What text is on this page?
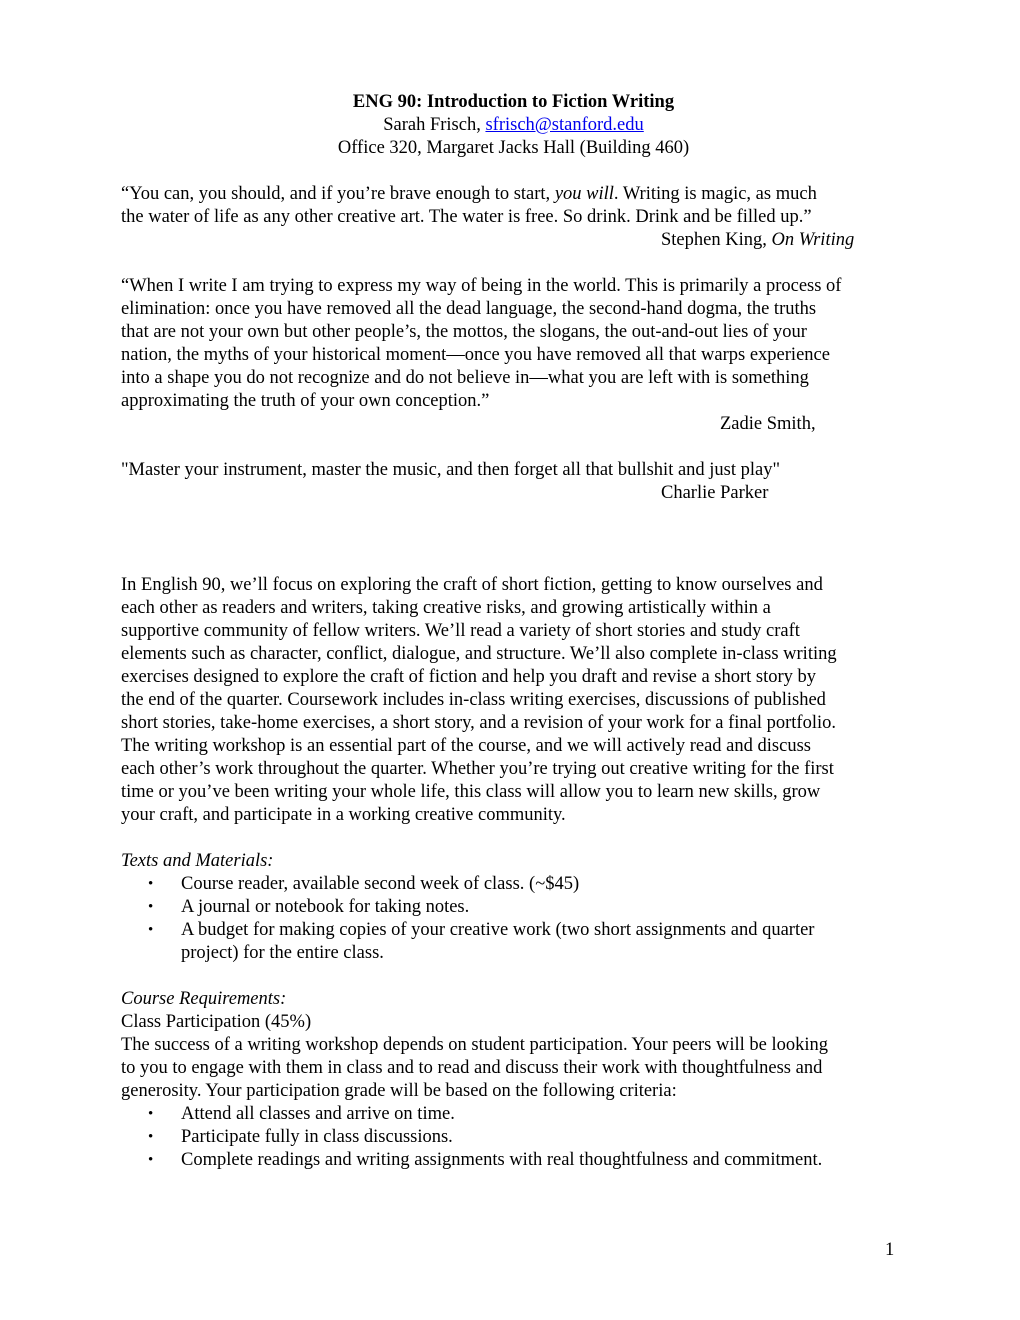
ENG 90: Introduction to Fiction Writing
Sarah Frisch, sfrisch@stanford.edu
Office 320, Margaret Jacks Hall (Building 460)
“You can, you should, and if you’re brave enough to start, you will. Writing is magic, as much
the water of life as any other creative art. The water is free. So drink. Drink and be filled up.”
Stephen King, On Writing
“When I write I am trying to express my way of being in the world. This is primarily a process of
elimination: once you have removed all the dead language, the second-hand dogma, the truths
that are not your own but other people’s, the mottos, the slogans, the out-and-out lies of your
nation, the myths of your historical moment—once you have removed all that warps experience
into a shape you do not recognize and do not believe in—what you are left with is something
approximating the truth of your own conception.”
Zadie Smith,
"Master your instrument, master the music, and then forget all that bullshit and just play"
Charlie Parker
In English 90, we’ll focus on exploring the craft of short fiction, getting to know ourselves and
each other as readers and writers, taking creative risks, and growing artistically within a
supportive community of fellow writers. We’ll read a variety of short stories and study craft
elements such as character, conflict, dialogue, and structure. We’ll also complete in-class writing
exercises designed to explore the craft of fiction and help you draft and revise a short story by
the end of the quarter. Coursework includes in-class writing exercises, discussions of published
short stories, take-home exercises, a short story, and a revision of your work for a final portfolio.
The writing workshop is an essential part of the course, and we will actively read and discuss
each other’s work throughout the quarter. Whether you’re trying out creative writing for the first
time or you’ve been writing your whole life, this class will allow you to learn new skills, grow
your craft, and participate in a working creative community.
Texts and Materials:
• Course reader, available second week of class. (~$45)
• A journal or notebook for taking notes.
• A budget for making copies of your creative work (two short assignments and quarter
project) for the entire class.
Course Requirements:
Class Participation (45%)
The success of a writing workshop depends on student participation. Your peers will be looking
to you to engage with them in class and to read and discuss their work with thoughtfulness and
generosity. Your participation grade will be based on the following criteria:
• Attend all classes and arrive on time.
• Participate fully in class discussions.
• Complete readings and writing assignments with real thoughtfulness and commitment.
1
